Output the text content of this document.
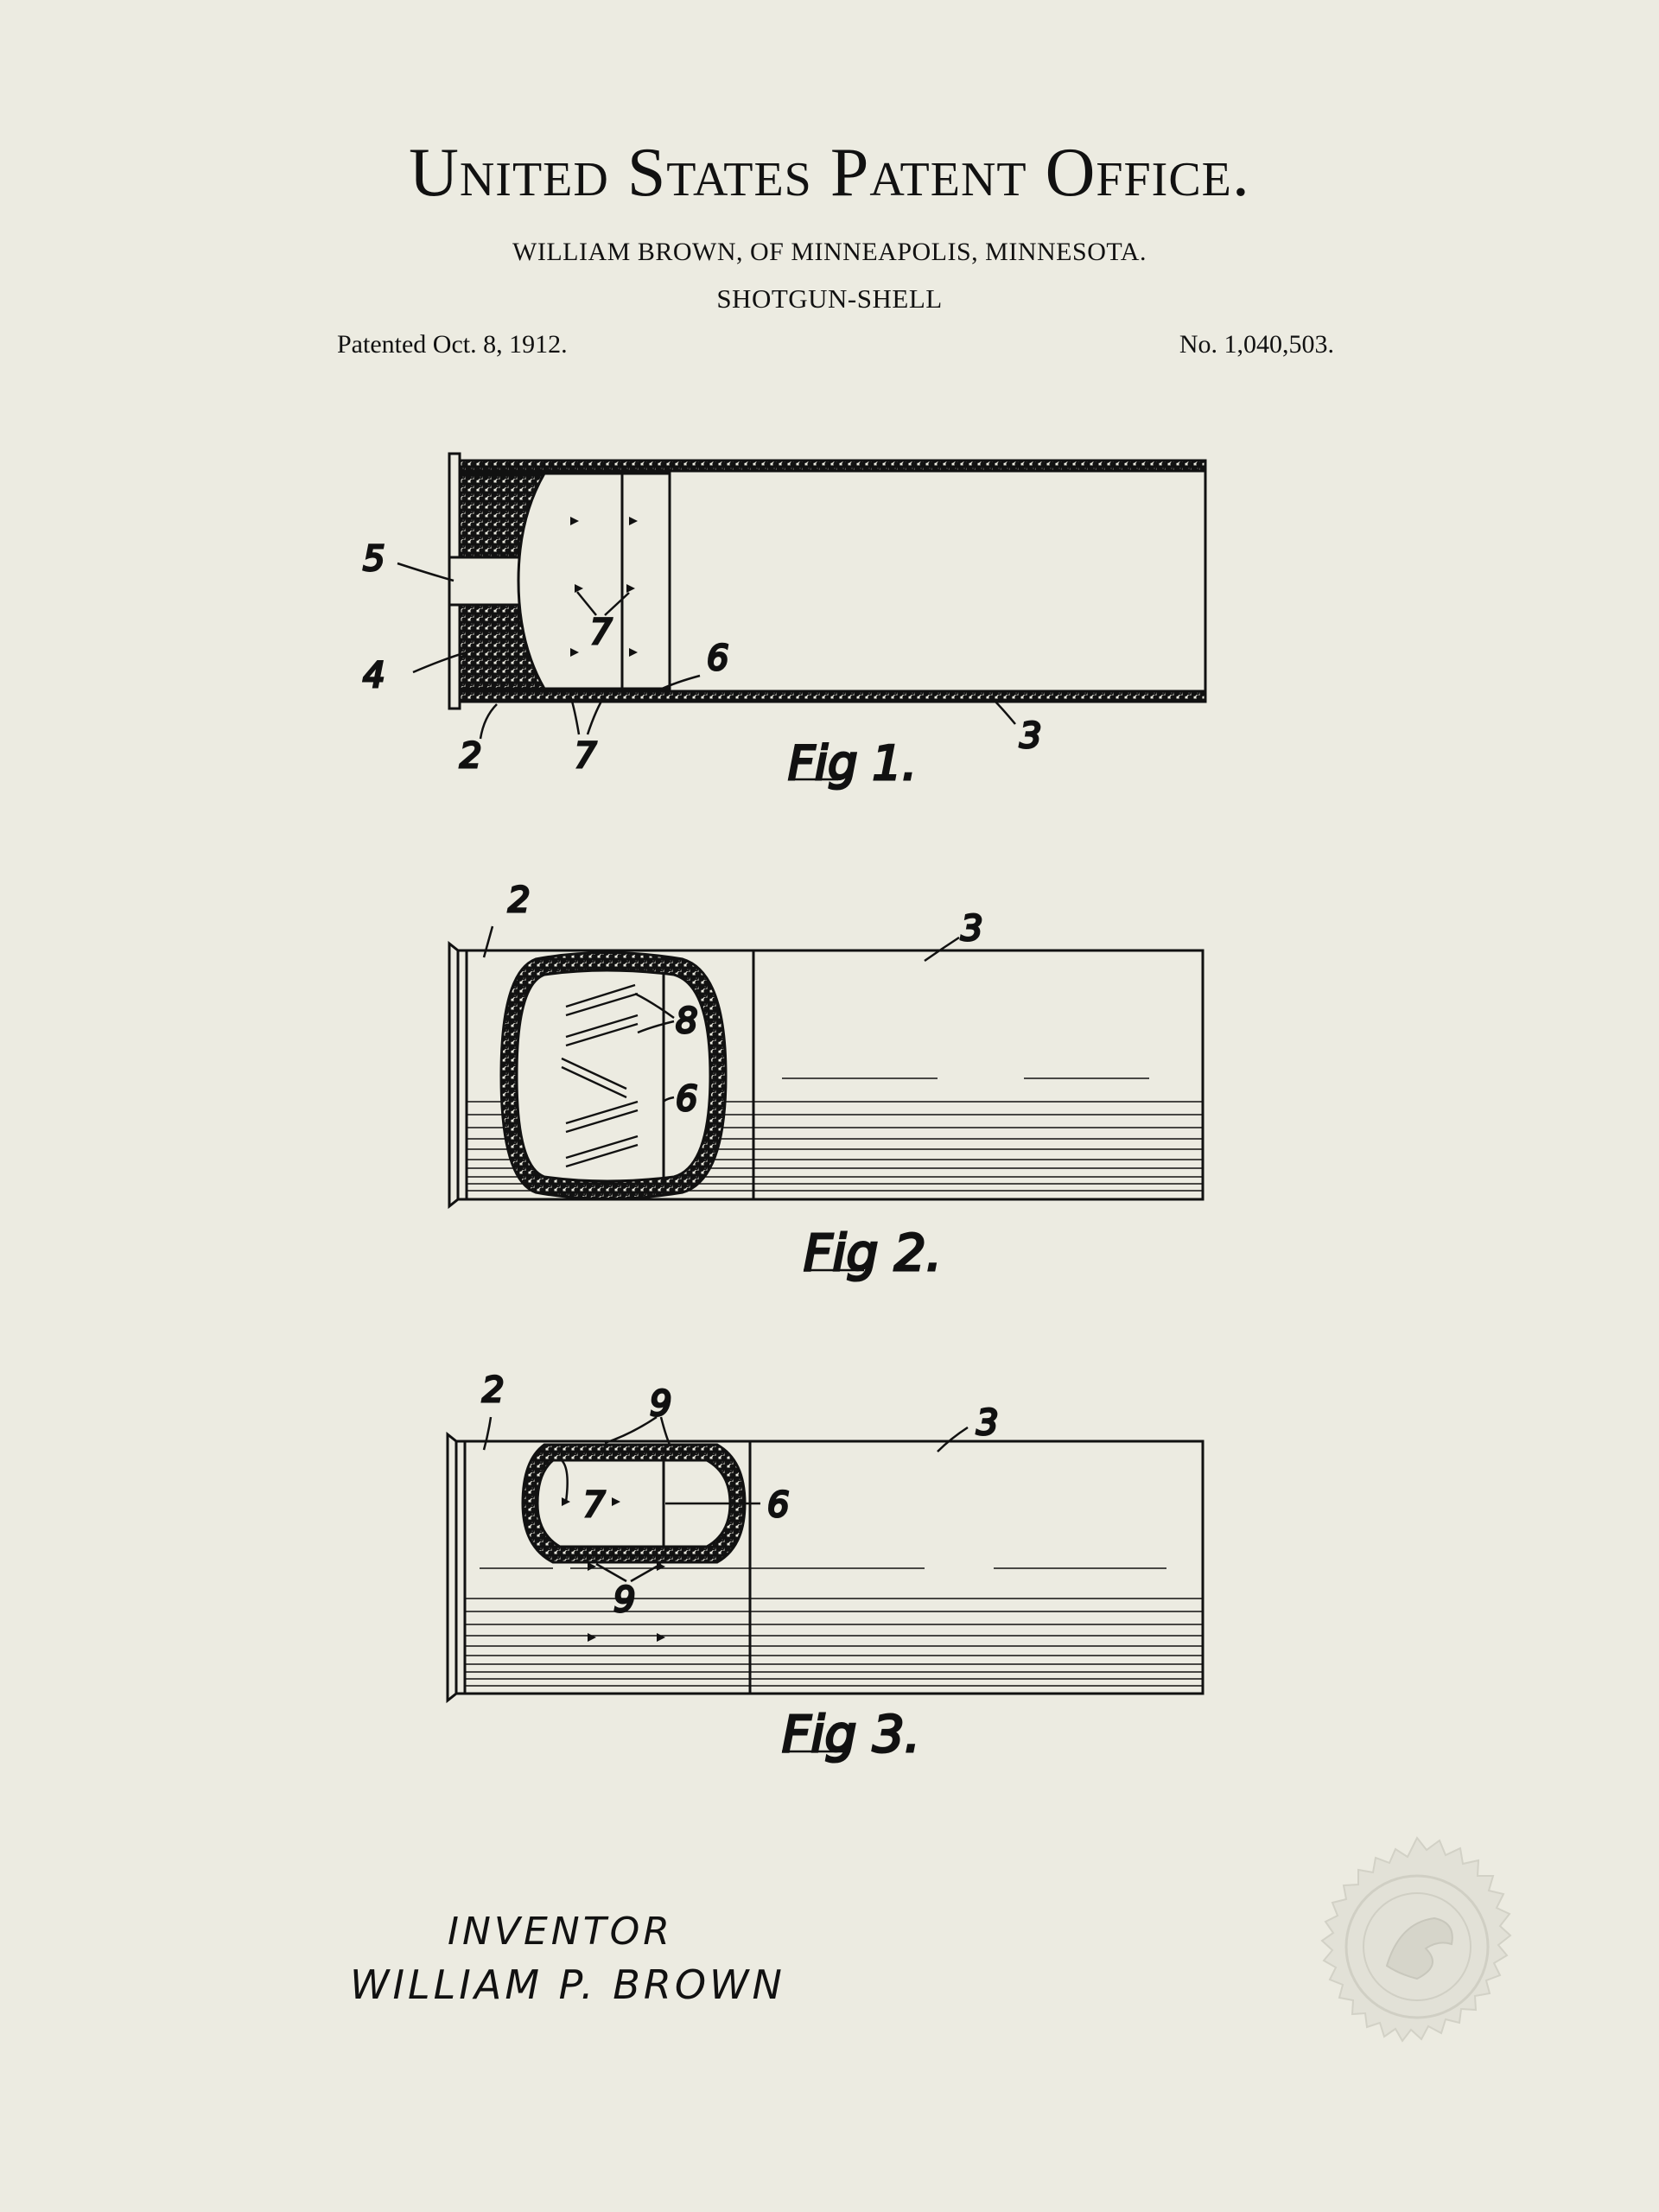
United States Patent Office.
WILLIAM BROWN, OF MINNEAPOLIS, MINNESOTA.
SHOTGUN-SHELL
Patented Oct. 8, 1912.	No. 1,040,503.
5
4
7
6
2	7	3
Fig 1.
2
3
8
6
Fig 2.
2	9	3
7	6
9
Fig 3.
INVENTOR
WILLIAM P. BROWN
